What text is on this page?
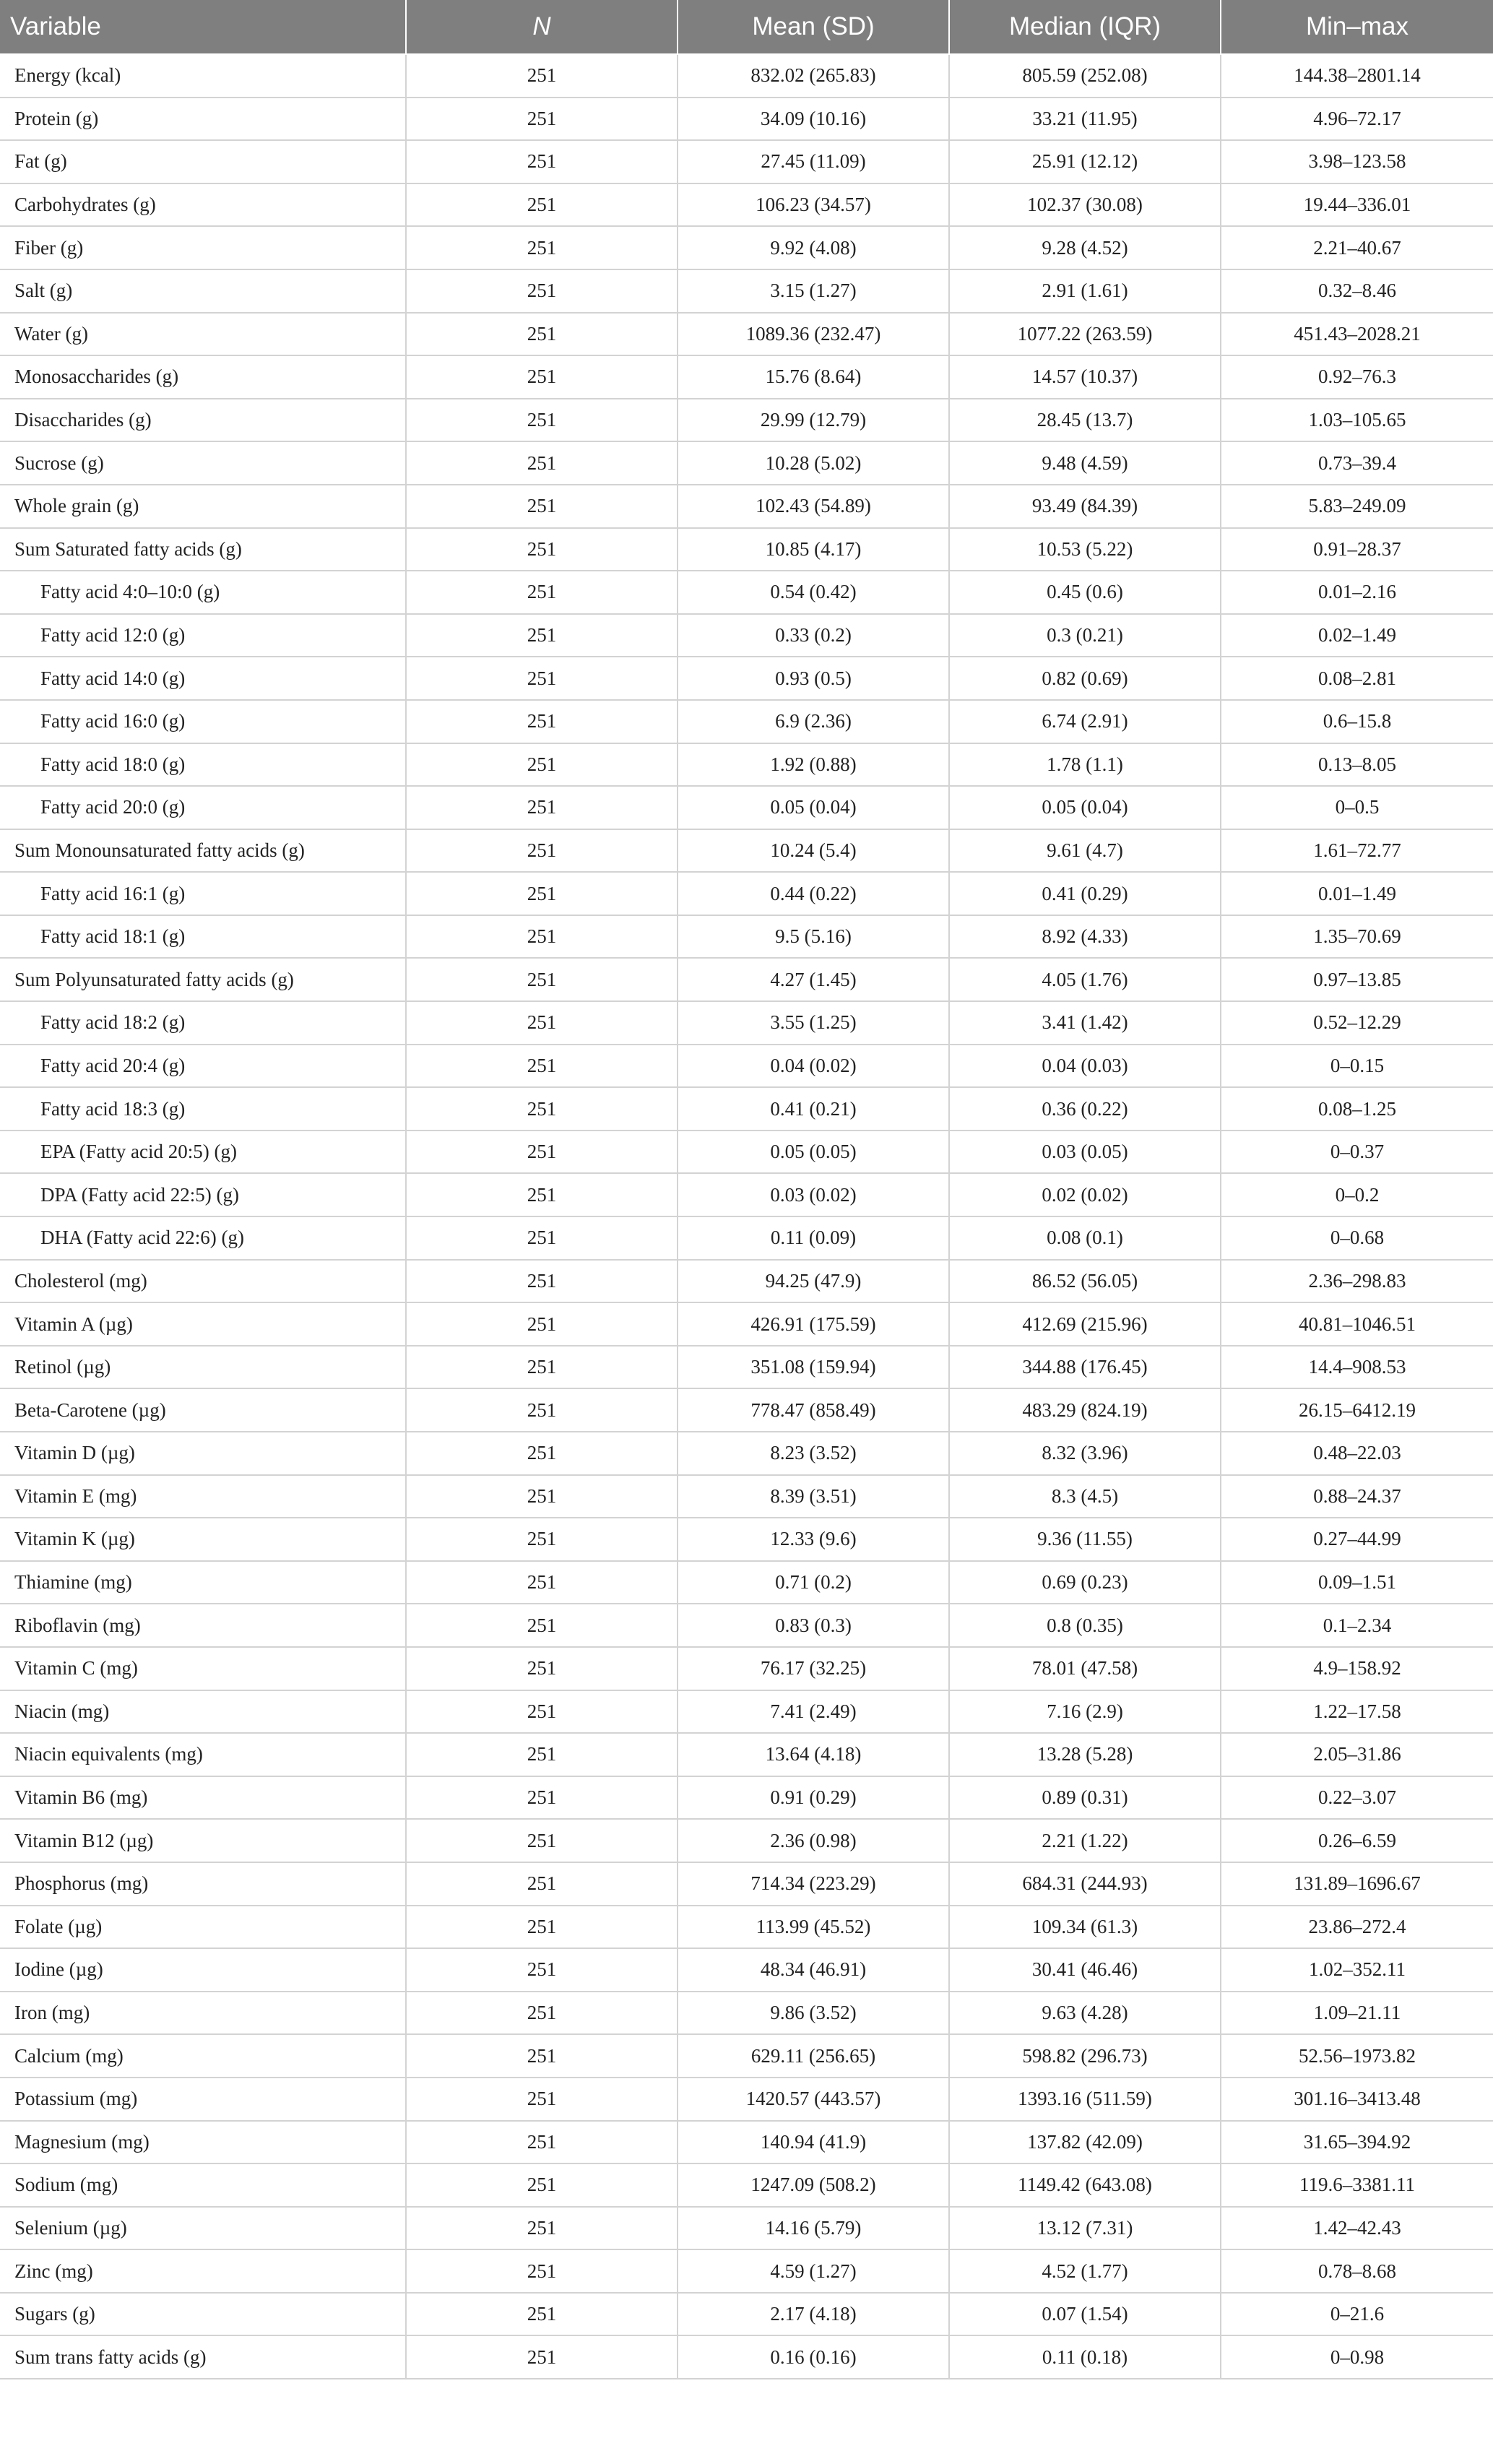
Variable	N	Mean (SD)	Median (IQR)	Min–max
Energy (kcal)	251	832.02 (265.83)	805.59 (252.08)	144.38–2801.14
Protein (g)	251	34.09 (10.16)	33.21 (11.95)	4.96–72.17
Fat (g)	251	27.45 (11.09)	25.91 (12.12)	3.98–123.58
Carbohydrates (g)	251	106.23 (34.57)	102.37 (30.08)	19.44–336.01
Fiber (g)	251	9.92 (4.08)	9.28 (4.52)	2.21–40.67
Salt (g)	251	3.15 (1.27)	2.91 (1.61)	0.32–8.46
Water (g)	251	1089.36 (232.47)	1077.22 (263.59)	451.43–2028.21
Monosaccharides (g)	251	15.76 (8.64)	14.57 (10.37)	0.92–76.3
Disaccharides (g)	251	29.99 (12.79)	28.45 (13.7)	1.03–105.65
Sucrose (g)	251	10.28 (5.02)	9.48 (4.59)	0.73–39.4
Whole grain (g)	251	102.43 (54.89)	93.49 (84.39)	5.83–249.09
Sum Saturated fatty acids (g)	251	10.85 (4.17)	10.53 (5.22)	0.91–28.37
Fatty acid 4:0–10:0 (g)	251	0.54 (0.42)	0.45 (0.6)	0.01–2.16
Fatty acid 12:0 (g)	251	0.33 (0.2)	0.3 (0.21)	0.02–1.49
Fatty acid 14:0 (g)	251	0.93 (0.5)	0.82 (0.69)	0.08–2.81
Fatty acid 16:0 (g)	251	6.9 (2.36)	6.74 (2.91)	0.6–15.8
Fatty acid 18:0 (g)	251	1.92 (0.88)	1.78 (1.1)	0.13–8.05
Fatty acid 20:0 (g)	251	0.05 (0.04)	0.05 (0.04)	0–0.5
Sum Monounsaturated fatty acids (g)	251	10.24 (5.4)	9.61 (4.7)	1.61–72.77
Fatty acid 16:1 (g)	251	0.44 (0.22)	0.41 (0.29)	0.01–1.49
Fatty acid 18:1 (g)	251	9.5 (5.16)	8.92 (4.33)	1.35–70.69
Sum Polyunsaturated fatty acids (g)	251	4.27 (1.45)	4.05 (1.76)	0.97–13.85
Fatty acid 18:2 (g)	251	3.55 (1.25)	3.41 (1.42)	0.52–12.29
Fatty acid 20:4 (g)	251	0.04 (0.02)	0.04 (0.03)	0–0.15
Fatty acid 18:3 (g)	251	0.41 (0.21)	0.36 (0.22)	0.08–1.25
EPA (Fatty acid 20:5) (g)	251	0.05 (0.05)	0.03 (0.05)	0–0.37
DPA (Fatty acid 22:5) (g)	251	0.03 (0.02)	0.02 (0.02)	0–0.2
DHA (Fatty acid 22:6) (g)	251	0.11 (0.09)	0.08 (0.1)	0–0.68
Cholesterol (mg)	251	94.25 (47.9)	86.52 (56.05)	2.36–298.83
Vitamin A (µg)	251	426.91 (175.59)	412.69 (215.96)	40.81–1046.51
Retinol (µg)	251	351.08 (159.94)	344.88 (176.45)	14.4–908.53
Beta-Carotene (µg)	251	778.47 (858.49)	483.29 (824.19)	26.15–6412.19
Vitamin D (µg)	251	8.23 (3.52)	8.32 (3.96)	0.48–22.03
Vitamin E (mg)	251	8.39 (3.51)	8.3 (4.5)	0.88–24.37
Vitamin K (µg)	251	12.33 (9.6)	9.36 (11.55)	0.27–44.99
Thiamine (mg)	251	0.71 (0.2)	0.69 (0.23)	0.09–1.51
Riboflavin (mg)	251	0.83 (0.3)	0.8 (0.35)	0.1–2.34
Vitamin C (mg)	251	76.17 (32.25)	78.01 (47.58)	4.9–158.92
Niacin (mg)	251	7.41 (2.49)	7.16 (2.9)	1.22–17.58
Niacin equivalents (mg)	251	13.64 (4.18)	13.28 (5.28)	2.05–31.86
Vitamin B6 (mg)	251	0.91 (0.29)	0.89 (0.31)	0.22–3.07
Vitamin B12 (µg)	251	2.36 (0.98)	2.21 (1.22)	0.26–6.59
Phosphorus (mg)	251	714.34 (223.29)	684.31 (244.93)	131.89–1696.67
Folate (µg)	251	113.99 (45.52)	109.34 (61.3)	23.86–272.4
Iodine (µg)	251	48.34 (46.91)	30.41 (46.46)	1.02–352.11
Iron (mg)	251	9.86 (3.52)	9.63 (4.28)	1.09–21.11
Calcium (mg)	251	629.11 (256.65)	598.82 (296.73)	52.56–1973.82
Potassium (mg)	251	1420.57 (443.57)	1393.16 (511.59)	301.16–3413.48
Magnesium (mg)	251	140.94 (41.9)	137.82 (42.09)	31.65–394.92
Sodium (mg)	251	1247.09 (508.2)	1149.42 (643.08)	119.6–3381.11
Selenium (µg)	251	14.16 (5.79)	13.12 (7.31)	1.42–42.43
Zinc (mg)	251	4.59 (1.27)	4.52 (1.77)	0.78–8.68
Sugars (g)	251	2.17 (4.18)	0.07 (1.54)	0–21.6
Sum trans fatty acids (g)	251	0.16 (0.16)	0.11 (0.18)	0–0.98
